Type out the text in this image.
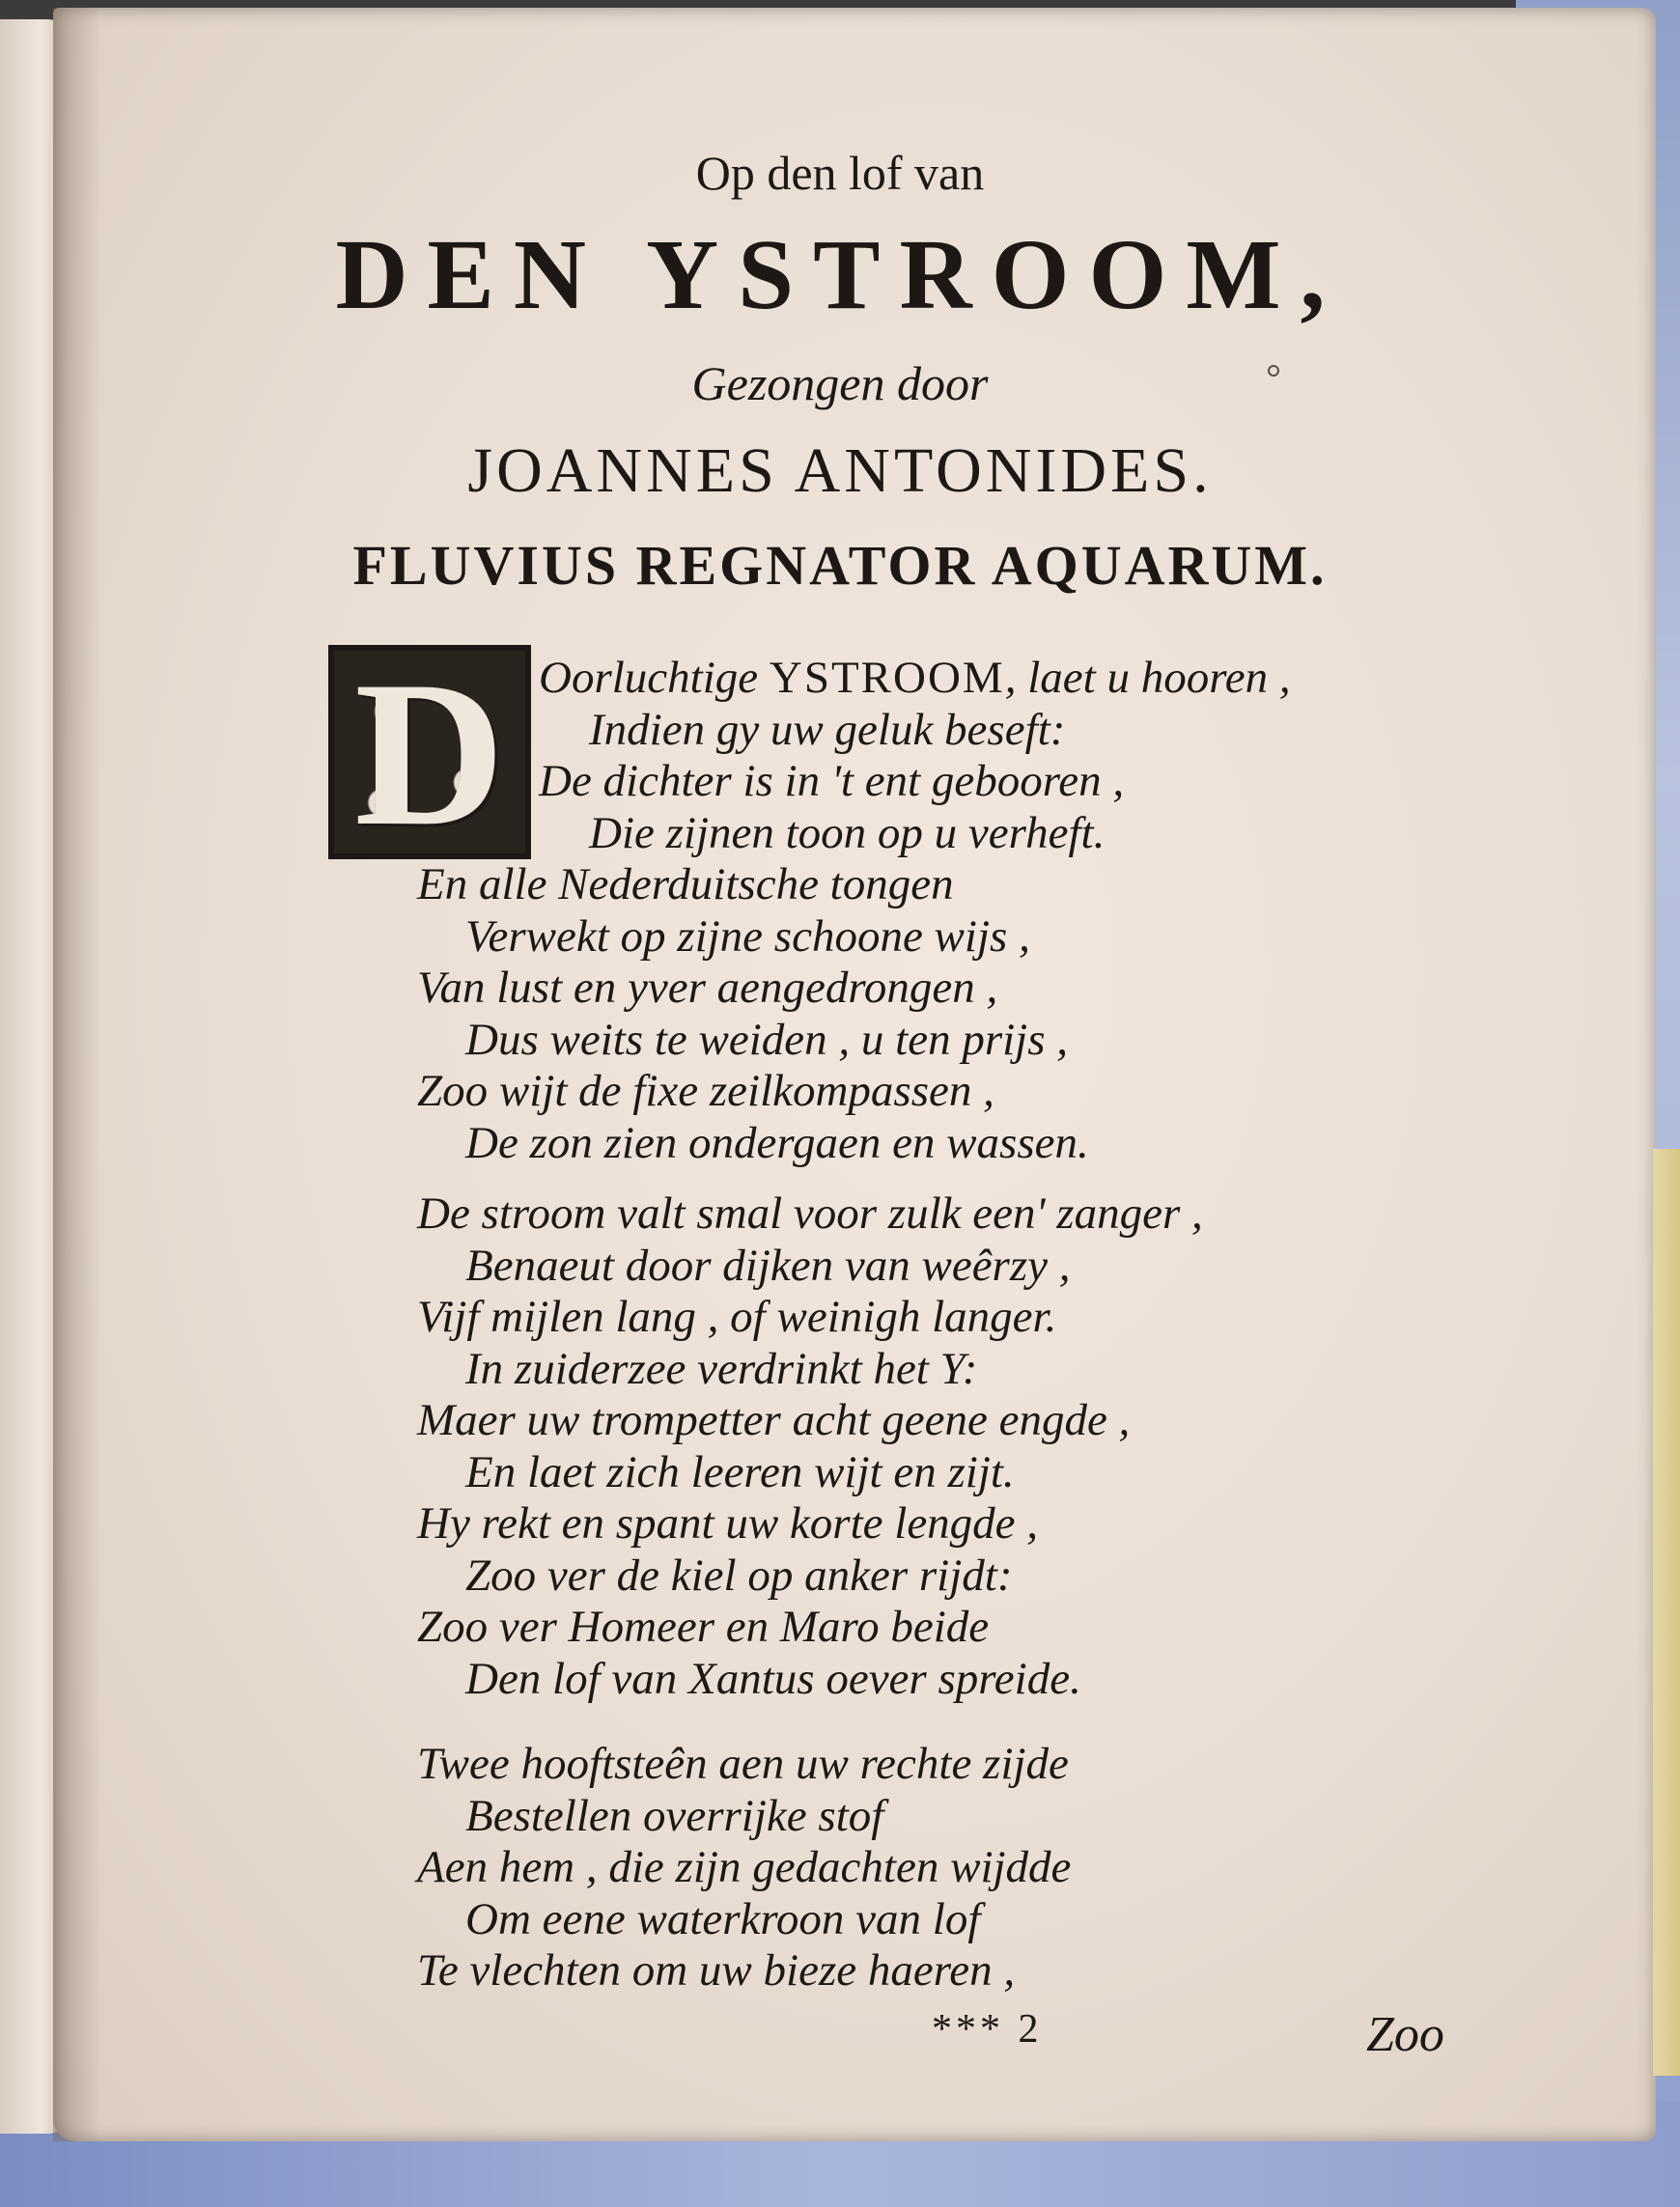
Op den lof van
DEN YSTROOM,
Gezongen door
JOANNES ANTONIDES.
FLUVIUS REGNATOR AQUARUM.
D Oorluchtige YSTROOM, laet u hooren ,
Indien gy uw geluk beseft:
De dichter is in 't ent gebooren ,
Die zijnen toon op u verheft.
En alle Nederduitsche tongen
Verwekt op zijne schoone wijs ,
Van lust en yver aengedrongen ,
Dus weits te weiden , u ten prijs ,
Zoo wijt de fixe zeilkompassen ,
De zon zien ondergaen en wassen.
De stroom valt smal voor zulk een' zanger ,
Benaeut door dijken van weêrzy ,
Vijf mijlen lang , of weinigh langer.
In zuiderzee verdrinkt het Y:
Maer uw trompetter acht geene engde ,
En laet zich leeren wijt en zijt.
Hy rekt en spant uw korte lengde ,
Zoo ver de kiel op anker rijdt:
Zoo ver Homeer en Maro beide
Den lof van Xantus oever spreide.
Twee hooftsteên aen uw rechte zijde
Bestellen overrijke stof
Aen hem , die zijn gedachten wijdde
Om eene waterkroon van lof
Te vlechten om uw bieze haeren ,
*** 2	Zoo
